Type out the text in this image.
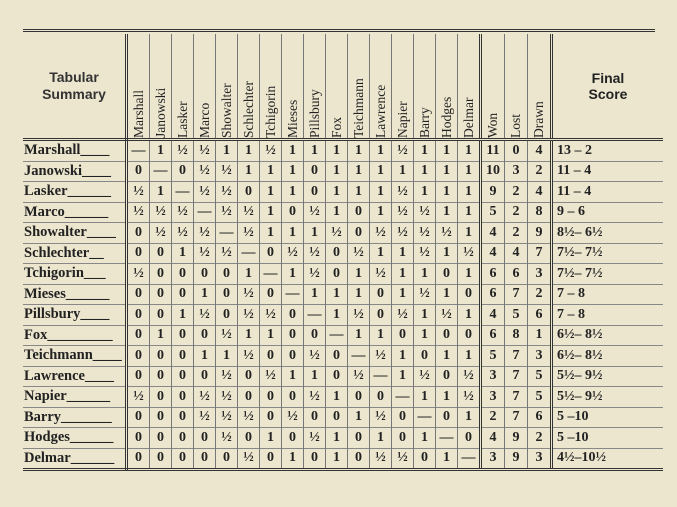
Tabular
Summary	Marshall	Janowski	Lasker	Marco	Showalter	Schlechter	Tchigorin	Mieses	Pillsbury	Fox	Teichmann	Lawrence	Napier	Barry	Hodges	Delmar	Won	Lost	Drawn	Final
Score
Marshall____	—	1	½	½	1	1	½	1	1	1	1	1	½	1	1	1	11	0	4	13 – 2
Janowski____	0	—	0	½	½	1	1	1	0	1	1	1	1	1	1	1	10	3	2	11 – 4
Lasker______	½	1	—	½	½	0	1	1	0	1	1	1	½	1	1	1	9	2	4	11 – 4
Marco______	½	½	½	—	½	½	1	0	½	1	0	1	½	½	1	1	5	2	8	9 – 6
Showalter____	0	½	½	½	—	½	1	1	1	½	0	½	½	½	½	1	4	2	9	8½– 6½
Schlechter__	0	0	1	½	½	—	0	½	½	0	½	1	1	½	1	½	4	4	7	7½– 7½
Tchigorin___	½	0	0	0	0	1	—	1	½	0	1	½	1	1	0	1	6	6	3	7½– 7½
Mieses______	0	0	0	1	0	½	0	—	1	1	1	0	1	½	1	0	6	7	2	7 – 8
Pillsbury____	0	0	1	½	0	½	½	0	—	1	½	0	½	1	½	1	4	5	6	7 – 8
Fox_________	0	1	0	0	½	1	1	0	0	—	1	1	0	1	0	0	6	8	1	6½– 8½
Teichmann____	0	0	0	1	1	½	0	0	½	0	—	½	1	0	1	1	5	7	3	6½– 8½
Lawrence____	0	0	0	0	½	0	½	1	1	0	½	—	1	½	0	½	3	7	5	5½– 9½
Napier______	½	0	0	½	½	0	0	0	½	1	0	0	—	1	1	½	3	7	5	5½– 9½
Barry_______	0	0	0	½	½	½	0	½	0	0	1	½	0	—	0	1	2	7	6	5 –10
Hodges______	0	0	0	0	½	0	1	0	½	1	0	1	0	1	—	0	4	9	2	5 –10
Delmar______	0	0	0	0	0	½	0	1	0	1	0	½	½	0	1	—	3	9	3	4½–10½
